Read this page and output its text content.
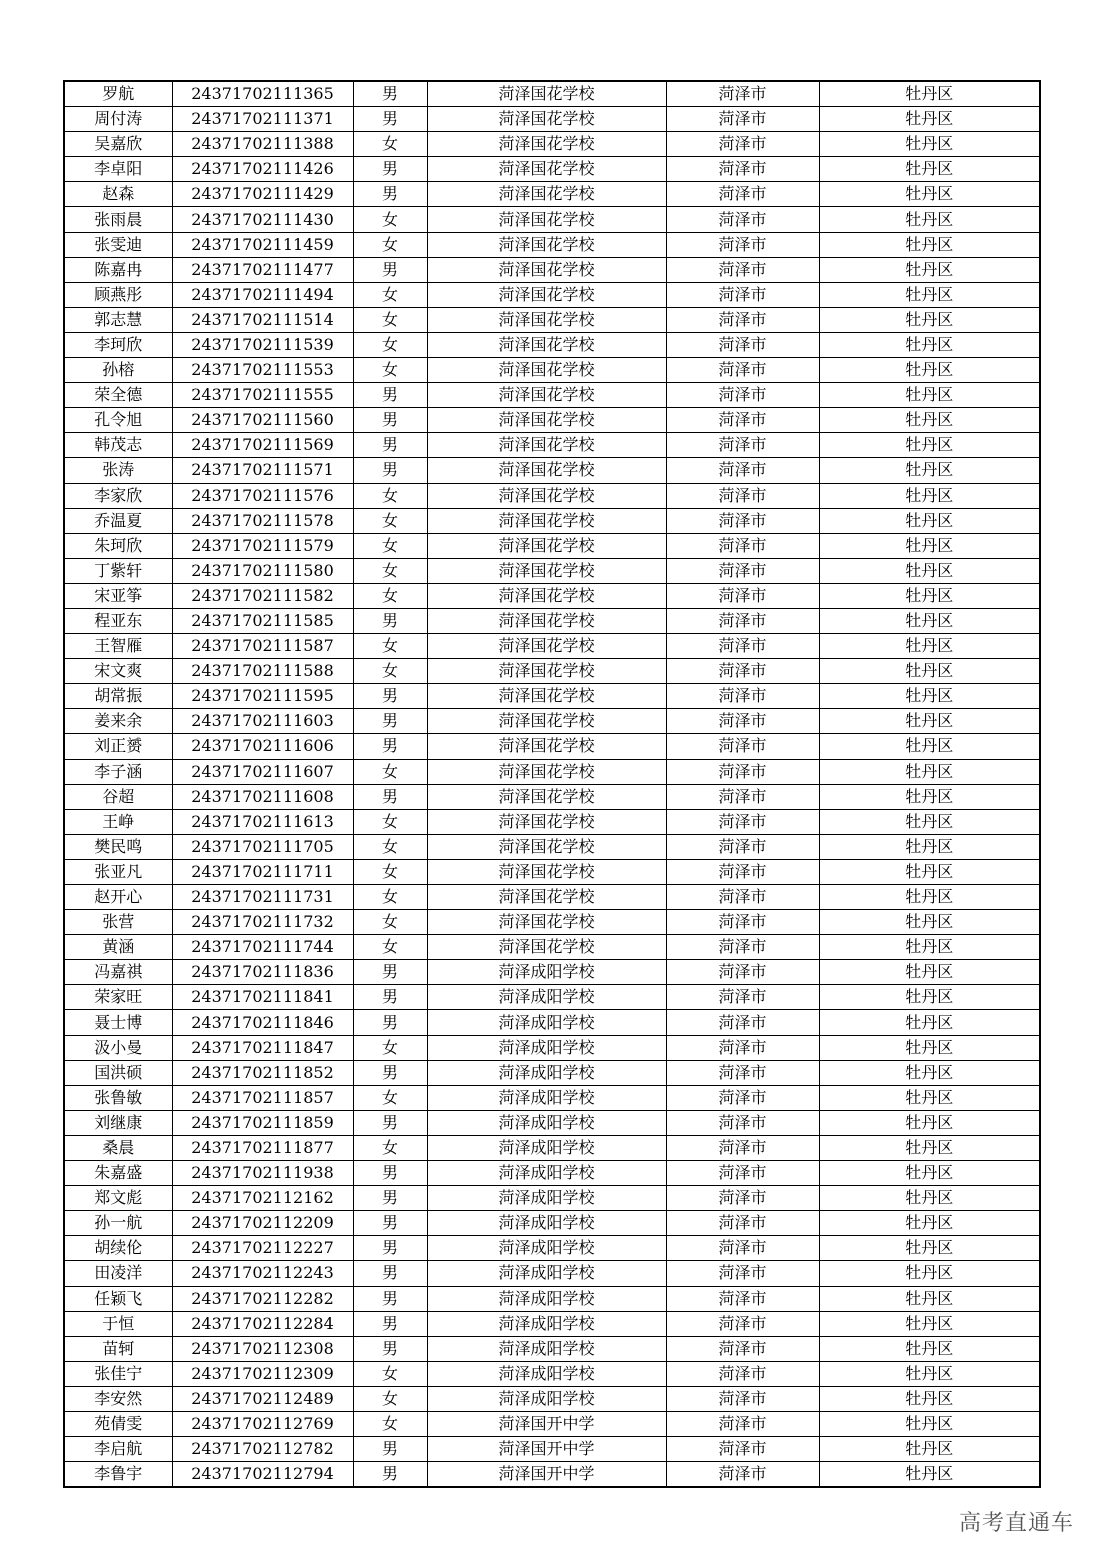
罗航	24371702111365	男	菏泽国花学校	菏泽市	牡丹区
周付涛	24371702111371	男	菏泽国花学校	菏泽市	牡丹区
吴嘉欣	24371702111388	女	菏泽国花学校	菏泽市	牡丹区
李卓阳	24371702111426	男	菏泽国花学校	菏泽市	牡丹区
赵森	24371702111429	男	菏泽国花学校	菏泽市	牡丹区
张雨晨	24371702111430	女	菏泽国花学校	菏泽市	牡丹区
张雯迪	24371702111459	女	菏泽国花学校	菏泽市	牡丹区
陈嘉冉	24371702111477	男	菏泽国花学校	菏泽市	牡丹区
顾燕彤	24371702111494	女	菏泽国花学校	菏泽市	牡丹区
郭志慧	24371702111514	女	菏泽国花学校	菏泽市	牡丹区
李珂欣	24371702111539	女	菏泽国花学校	菏泽市	牡丹区
孙榕	24371702111553	女	菏泽国花学校	菏泽市	牡丹区
荣全德	24371702111555	男	菏泽国花学校	菏泽市	牡丹区
孔令旭	24371702111560	男	菏泽国花学校	菏泽市	牡丹区
韩茂志	24371702111569	男	菏泽国花学校	菏泽市	牡丹区
张涛	24371702111571	男	菏泽国花学校	菏泽市	牡丹区
李家欣	24371702111576	女	菏泽国花学校	菏泽市	牡丹区
乔温夏	24371702111578	女	菏泽国花学校	菏泽市	牡丹区
朱珂欣	24371702111579	女	菏泽国花学校	菏泽市	牡丹区
丁紫轩	24371702111580	女	菏泽国花学校	菏泽市	牡丹区
宋亚筝	24371702111582	女	菏泽国花学校	菏泽市	牡丹区
程亚东	24371702111585	男	菏泽国花学校	菏泽市	牡丹区
王智雁	24371702111587	女	菏泽国花学校	菏泽市	牡丹区
宋文爽	24371702111588	女	菏泽国花学校	菏泽市	牡丹区
胡常振	24371702111595	男	菏泽国花学校	菏泽市	牡丹区
姜来余	24371702111603	男	菏泽国花学校	菏泽市	牡丹区
刘正赟	24371702111606	男	菏泽国花学校	菏泽市	牡丹区
李子涵	24371702111607	女	菏泽国花学校	菏泽市	牡丹区
谷超	24371702111608	男	菏泽国花学校	菏泽市	牡丹区
王峥	24371702111613	女	菏泽国花学校	菏泽市	牡丹区
樊民鸣	24371702111705	女	菏泽国花学校	菏泽市	牡丹区
张亚凡	24371702111711	女	菏泽国花学校	菏泽市	牡丹区
赵开心	24371702111731	女	菏泽国花学校	菏泽市	牡丹区
张营	24371702111732	女	菏泽国花学校	菏泽市	牡丹区
黄涵	24371702111744	女	菏泽国花学校	菏泽市	牡丹区
冯嘉祺	24371702111836	男	菏泽成阳学校	菏泽市	牡丹区
荣家旺	24371702111841	男	菏泽成阳学校	菏泽市	牡丹区
聂士博	24371702111846	男	菏泽成阳学校	菏泽市	牡丹区
汲小曼	24371702111847	女	菏泽成阳学校	菏泽市	牡丹区
国洪硕	24371702111852	男	菏泽成阳学校	菏泽市	牡丹区
张鲁敏	24371702111857	女	菏泽成阳学校	菏泽市	牡丹区
刘继康	24371702111859	男	菏泽成阳学校	菏泽市	牡丹区
桑晨	24371702111877	女	菏泽成阳学校	菏泽市	牡丹区
朱嘉盛	24371702111938	男	菏泽成阳学校	菏泽市	牡丹区
郑文彪	24371702112162	男	菏泽成阳学校	菏泽市	牡丹区
孙一航	24371702112209	男	菏泽成阳学校	菏泽市	牡丹区
胡续伦	24371702112227	男	菏泽成阳学校	菏泽市	牡丹区
田凌洋	24371702112243	男	菏泽成阳学校	菏泽市	牡丹区
任颖飞	24371702112282	男	菏泽成阳学校	菏泽市	牡丹区
于恒	24371702112284	男	菏泽成阳学校	菏泽市	牡丹区
苗轲	24371702112308	男	菏泽成阳学校	菏泽市	牡丹区
张佳宁	24371702112309	女	菏泽成阳学校	菏泽市	牡丹区
李安然	24371702112489	女	菏泽成阳学校	菏泽市	牡丹区
苑倩雯	24371702112769	女	菏泽国开中学	菏泽市	牡丹区
李启航	24371702112782	男	菏泽国开中学	菏泽市	牡丹区
李鲁宇	24371702112794	男	菏泽国开中学	菏泽市	牡丹区
高考直通车
